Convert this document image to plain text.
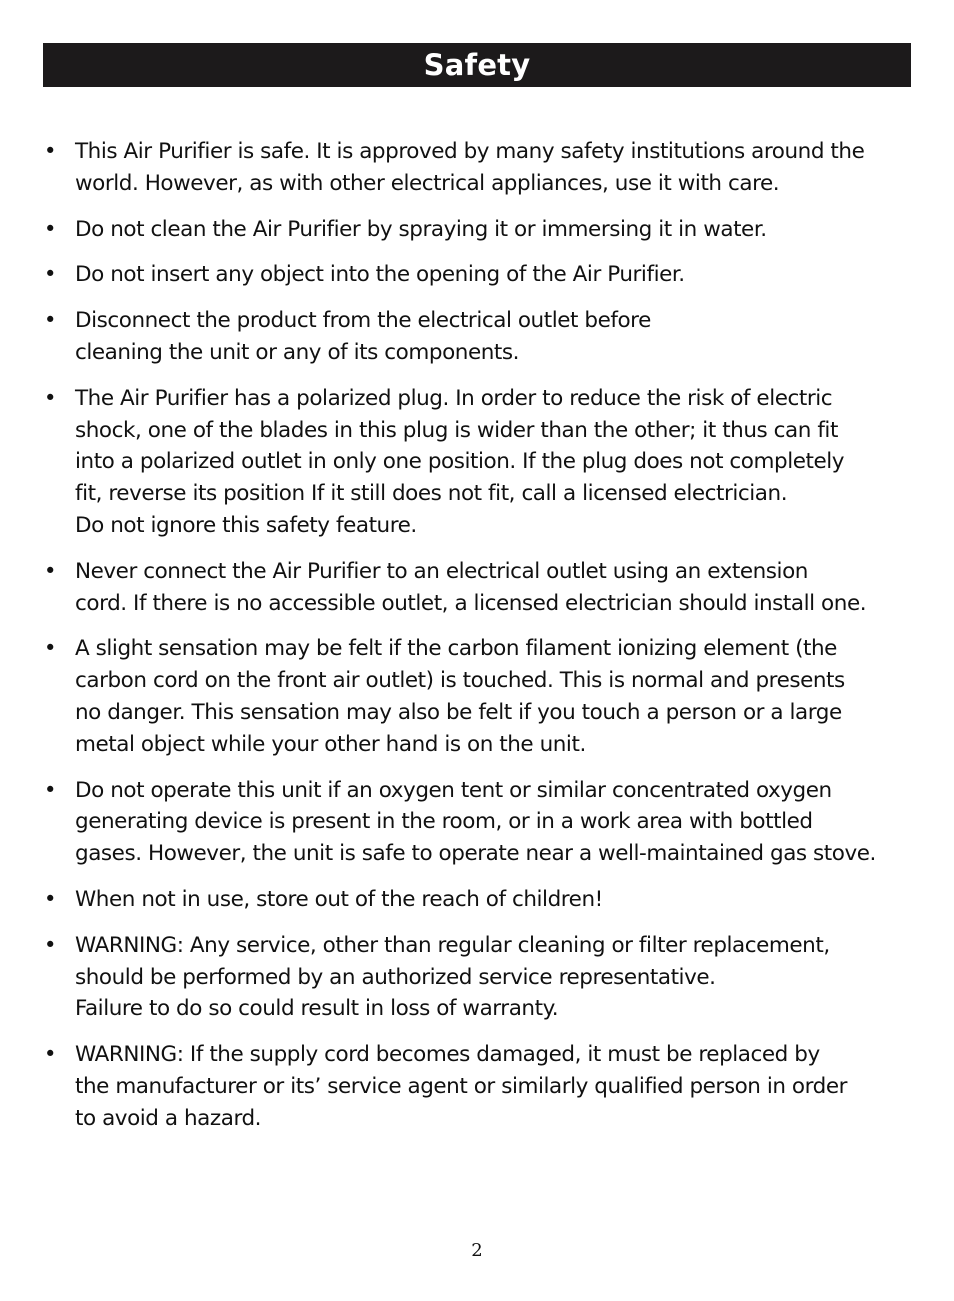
Safety
• This Air Purifier is safe. It is approved by many safety institutions around the
world. However, as with other electrical appliances, use it with care.
• Do not clean the Air Purifier by spraying it or immersing it in water.
• Do not insert any object into the opening of the Air Purifier.
• Disconnect the product from the electrical outlet before
cleaning the unit or any of its components.
• The Air Purifier has a polarized plug. In order to reduce the risk of electric
shock, one of the blades in this plug is wider than the other; it thus can fit
into a polarized outlet in only one position. If the plug does not completely
fit, reverse its position If it still does not fit, call a licensed electrician.
Do not ignore this safety feature.
• Never connect the Air Purifier to an electrical outlet using an extension
cord. If there is no accessible outlet, a licensed electrician should install one.
• A slight sensation may be felt if the carbon filament ionizing element (the
carbon cord on the front air outlet) is touched. This is normal and presents
no danger. This sensation may also be felt if you touch a person or a large
metal object while your other hand is on the unit.
• Do not operate this unit if an oxygen tent or similar concentrated oxygen
generating device is present in the room, or in a work area with bottled
gases. However, the unit is safe to operate near a well-maintained gas stove.
• When not in use, store out of the reach of children!
• WARNING: Any service, other than regular cleaning or filter replacement,
should be performed by an authorized service representative.
Failure to do so could result in loss of warranty.
• WARNING: If the supply cord becomes damaged, it must be replaced by
the manufacturer or its’ service agent or similarly qualified person in order
to avoid a hazard.
2
